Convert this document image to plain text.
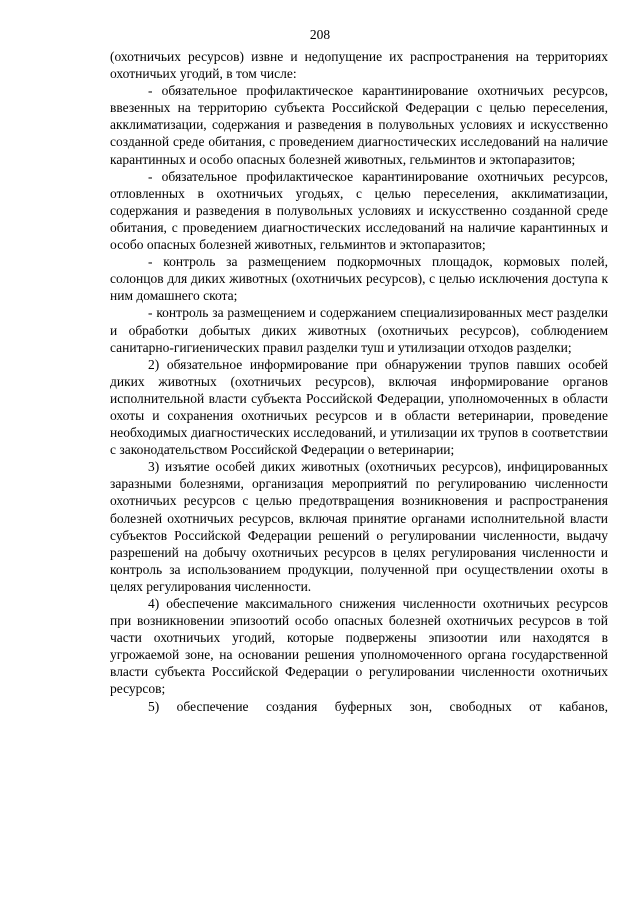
208

(охотничьих ресурсов) извне и недопущение их распространения на территориях охотничьих угодий, в том числе:

- обязательное профилактическое карантинирование охотничьих ресурсов, ввезенных на территорию субъекта Российской Федерации с целью переселения, акклиматизации, содержания и разведения в полувольных условиях и искусственно созданной среде обитания, с проведением диагностических исследований на наличие карантинных и особо опасных болезней животных, гельминтов и эктопаразитов;

- обязательное профилактическое карантинирование охотничьих ресурсов, отловленных в охотничьих угодьях, с целью переселения, акклиматизации, содержания и разведения в полувольных условиях и искусственно созданной среде обитания, с проведением диагностических исследований на наличие карантинных и особо опасных болезней животных, гельминтов и эктопаразитов;

- контроль за размещением подкормочных площадок, кормовых полей, солонцов для диких животных (охотничьих ресурсов), с целью исключения доступа к ним домашнего скота;

- контроль за размещением и содержанием специализированных мест разделки и обработки добытых диких животных (охотничьих ресурсов), соблюдением санитарно-гигиенических правил разделки туш и утилизации отходов разделки;

2) обязательное информирование при обнаружении трупов павших особей диких животных (охотничьих ресурсов), включая информирование органов исполнительной власти субъекта Российской Федерации, уполномоченных в области охоты и сохранения охотничьих ресурсов и в области ветеринарии, проведение необходимых диагностических исследований, и утилизации их трупов в соответствии с законодательством Российской Федерации о ветеринарии;

3) изъятие особей диких животных (охотничьих ресурсов), инфицированных заразными болезнями, организация мероприятий по регулированию численности охотничьих ресурсов с целью предотвращения возникновения и распространения болезней охотничьих ресурсов, включая принятие органами исполнительной власти субъектов Российской Федерации решений о регулировании численности, выдачу разрешений на добычу охотничьих ресурсов в целях регулирования численности и контроль за использованием продукции, полученной при осуществлении охоты в целях регулирования численности.

4) обеспечение максимального снижения численности охотничьих ресурсов при возникновении эпизоотий особо опасных болезней охотничьих ресурсов в той части охотничьих угодий, которые подвержены эпизоотии или находятся в угрожаемой зоне, на основании решения уполномоченного органа государственной власти субъекта Российской Федерации о регулировании численности охотничьих ресурсов;

5) обеспечение создания буферных зон, свободных от кабанов,
